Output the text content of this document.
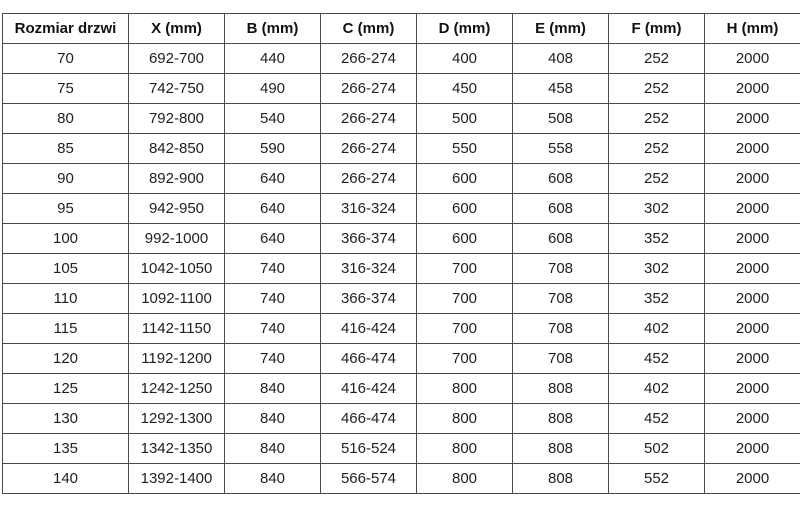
Rozmiar drzwi	X (mm)	B (mm)	C (mm)	D (mm)	E (mm)	F (mm)	H (mm)
70	692-700	440	266-274	400	408	252	2000
75	742-750	490	266-274	450	458	252	2000
80	792-800	540	266-274	500	508	252	2000
85	842-850	590	266-274	550	558	252	2000
90	892-900	640	266-274	600	608	252	2000
95	942-950	640	316-324	600	608	302	2000
100	992-1000	640	366-374	600	608	352	2000
105	1042-1050	740	316-324	700	708	302	2000
110	1092-1100	740	366-374	700	708	352	2000
115	1142-1150	740	416-424	700	708	402	2000
120	1192-1200	740	466-474	700	708	452	2000
125	1242-1250	840	416-424	800	808	402	2000
130	1292-1300	840	466-474	800	808	452	2000
135	1342-1350	840	516-524	800	808	502	2000
140	1392-1400	840	566-574	800	808	552	2000
